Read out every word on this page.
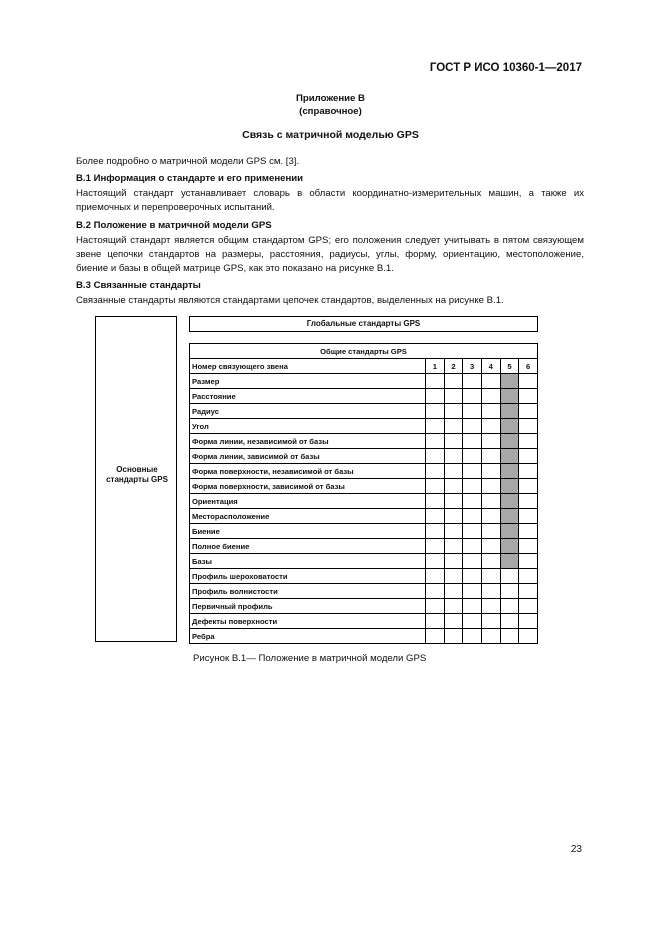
ГОСТ Р ИСО 10360-1—2017
Приложение В
(справочное)
Связь с матричной моделью GPS
Более подробно о матричной модели GPS см. [3].
В.1 Информация о стандарте и его применении
Настоящий стандарт устанавливает словарь в области координатно-измерительных машин, а также их приемочных и перепроверочных испытаний.
В.2 Положение в матричной модели GPS
Настоящий стандарт является общим стандартом GPS; его положения следует учитывать в пятом связующем звене цепочки стандартов на размеры, расстояния, радиусы, углы, форму, ориентацию, местоположение, биение и базы в общей матрице GPS, как это показано на рисунке В.1.
В.3 Связанные стандарты
Связанные стандарты являются стандартами цепочек стандартов, выделенных на рисунке В.1.
Основные стандарты GPS
Глобальные стандарты GPS
Общие стандарты GPS						
Номер связующего звена	1	2	3	4	5	6
Размер						
Расстояние						
Радиус						
Угол						
Форма линии, независимой от базы						
Форма линии, зависимой от базы						
Форма поверхности, независимой от базы						
Форма поверхности, зависимой от базы						
Ориентация						
Месторасположение						
Биение						
Полное биение						
Базы						
Профиль шероховатости						
Профиль волнистости						
Первичный профиль						
Дефекты поверхности						
Ребра						
Рисунок В.1— Положение в матричной модели GPS
23
